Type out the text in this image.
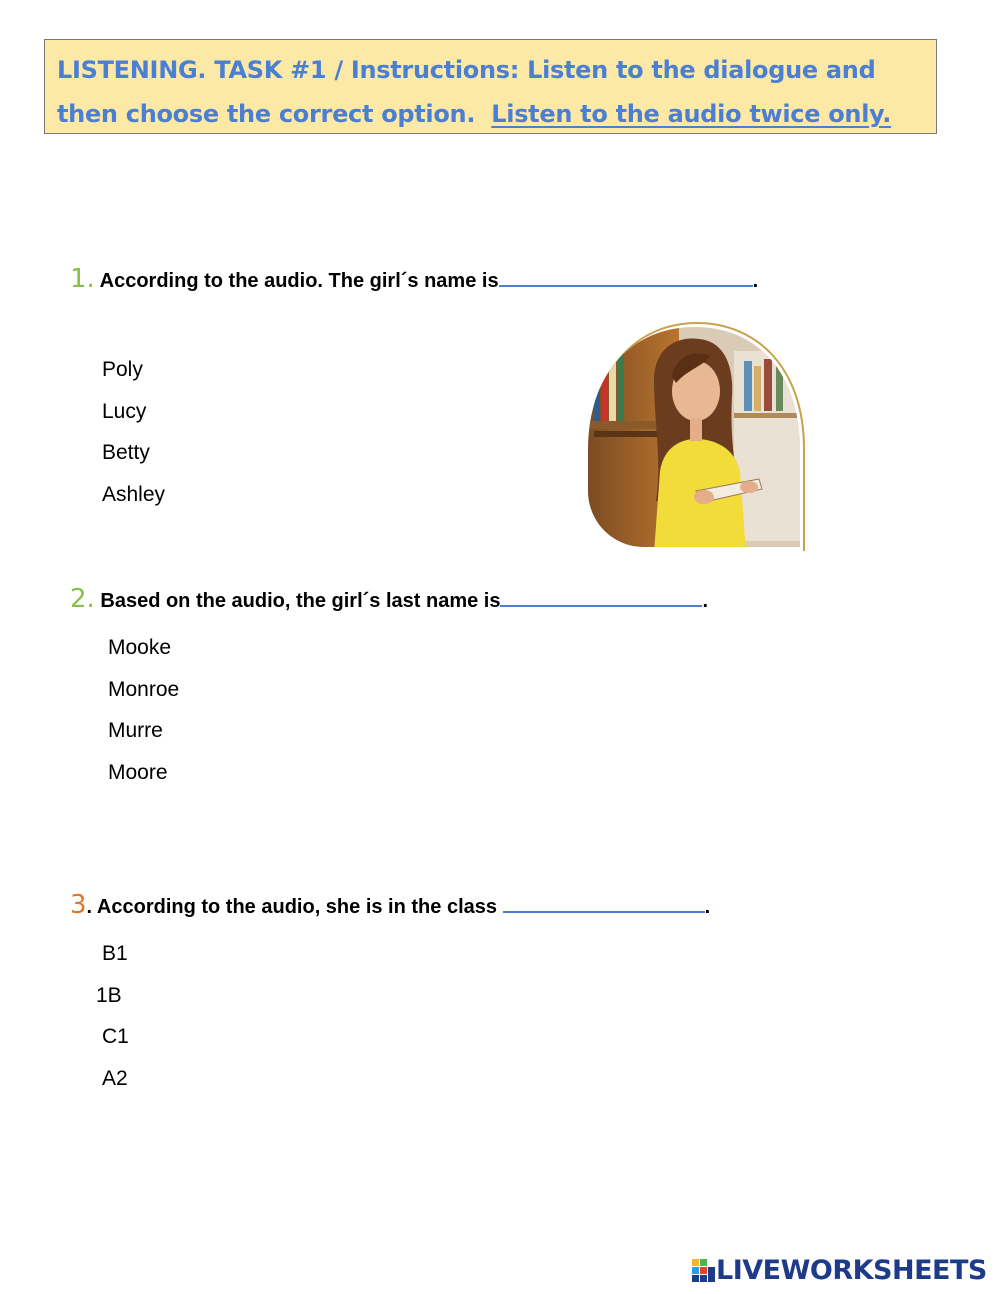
LISTENING. TASK #1 / Instructions: Listen to the dialogue and
then choose the correct option. Listen to the audio twice only.
1. According to the audio. The girl´s name is	.
Poly
Lucy
Betty
Ashley
2. Based on the audio, the girl´s last name is	.
Mooke
Monroe
Murre
Moore
3. According to the audio, she is in the class	.
B1
1B
C1
A2
LIVEWORKSHEETS
